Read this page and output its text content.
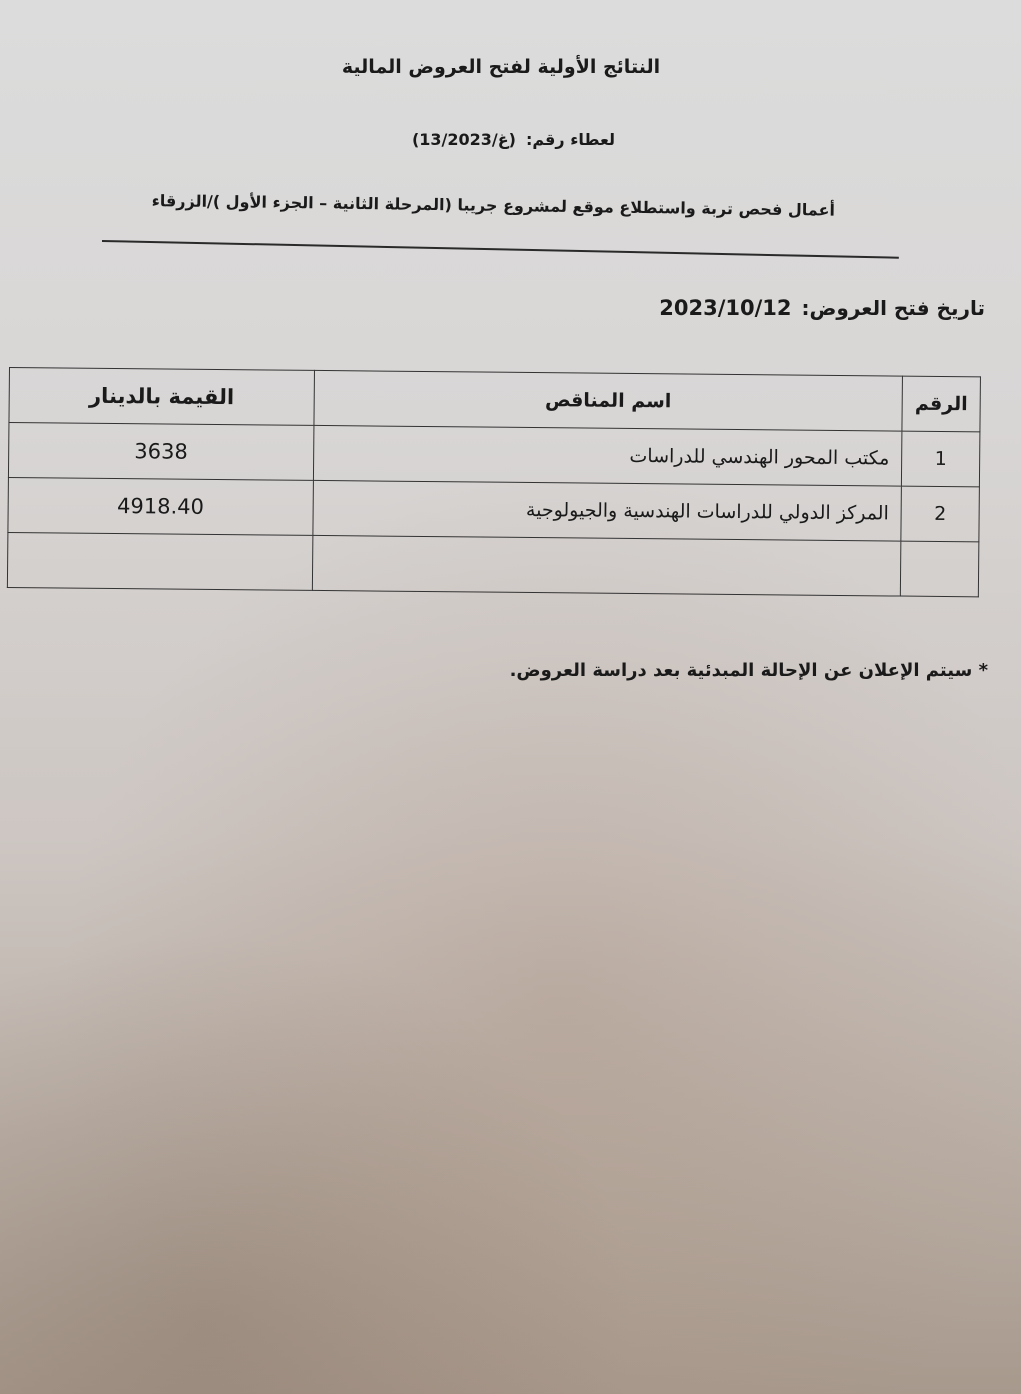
النتائج الأولية لفتح العروض المالية
لعطاء رقم:
(13/غ/2023)
أعمال فحص تربة واستطلاع موقع لمشروع جريبا (المرحلة الثانية – الجزء الأول )/الزرقاء
تاريخ فتح العروض:
2023/10/12
الرقم	اسم المناقص	القيمة بالدينار
1	مكتب المحور الهندسي للدراسات	3638
2	المركز الدولي للدراسات الهندسية والجيولوجية	4918.40

* سيتم الإعلان عن الإحالة المبدئية بعد دراسة العروض.
